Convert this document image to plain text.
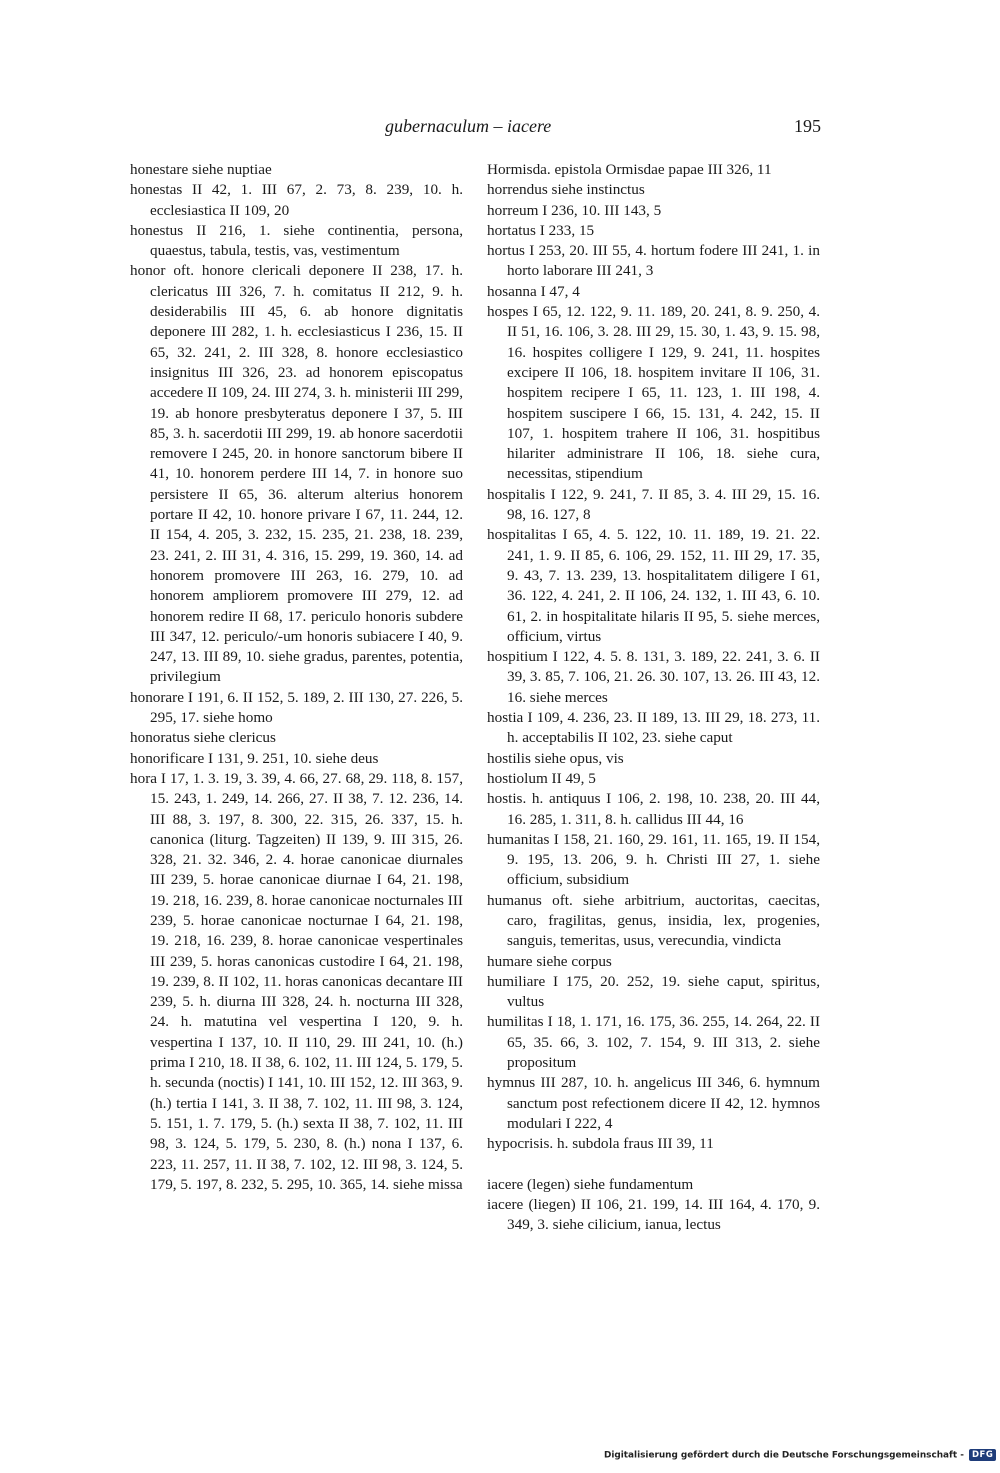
gubernaculum – iacere	195

honestare siehe nuptiae

honestas II 42, 1. III 67, 2. 73, 8. 239, 10. h. ecclesiastica II 109, 20

honestus II 216, 1. siehe continentia, persona, quaestus, tabula, testis, vas, vestimentum

honor oft. honore clericali deponere II 238, 17. h. clericatus III 326, 7. h. comitatus II 212, 9. h. desiderabilis III 45, 6. ab honore dignitatis deponere III 282, 1. h. ecclesiasticus I 236, 15. II 65, 32. 241, 2. III 328, 8. honore ecclesiastico insignitus III 326, 23. ad honorem episcopatus accedere II 109, 24. III 274, 3. h. ministerii III 299, 19. ab honore presbyteratus deponere I 37, 5. III 85, 3. h. sacerdotii III 299, 19. ab honore sacerdotii removere I 245, 20. in honore sanctorum bibere II 41, 10. honorem perdere III 14, 7. in honore suo persistere II 65, 36. alterum alterius honorem portare II 42, 10. honore privare I 67, 11. 244, 12. II 154, 4. 205, 3. 232, 15. 235, 21. 238, 18. 239, 23. 241, 2. III 31, 4. 316, 15. 299, 19. 360, 14. ad honorem promovere III 263, 16. 279, 10. ad honorem ampliorem promovere III 279, 12. ad honorem redire II 68, 17. periculo honoris subdere III 347, 12. periculo/-um honoris subiacere I 40, 9. 247, 13. III 89, 10. siehe gradus, parentes, potentia, privilegium

honorare I 191, 6. II 152, 5. 189, 2. III 130, 27. 226, 5. 295, 17. siehe homo

honoratus siehe clericus

honorificare I 131, 9. 251, 10. siehe deus

hora I 17, 1. 3. 19, 3. 39, 4. 66, 27. 68, 29. 118, 8. 157, 15. 243, 1. 249, 14. 266, 27. II 38, 7. 12. 236, 14. III 88, 3. 197, 8. 300, 22. 315, 26. 337, 15. h. canonica (liturg. Tagzeiten) II 139, 9. III 315, 26. 328, 21. 32. 346, 2. 4. horae canonicae diurnales III 239, 5. horae canonicae diurnae I 64, 21. 198, 19. 218, 16. 239, 8. horae canonicae nocturnales III 239, 5. horae canonicae nocturnae I 64, 21. 198, 19. 218, 16. 239, 8. horae canonicae vespertinales III 239, 5. horas canonicas custodire I 64, 21. 198, 19. 239, 8. II 102, 11. horas canonicas decantare III 239, 5. h. diurna III 328, 24. h. nocturna III 328, 24. h. matutina vel vespertina I 120, 9. h. vespertina I 137, 10. II 110, 29. III 241, 10. (h.) prima I 210, 18. II 38, 6. 102, 11. III 124, 5. 179, 5. h. secunda (noctis) I 141, 10. III 152, 12. III 363, 9. (h.) tertia I 141, 3. II 38, 7. 102, 11. III 98, 3. 124, 5. 151, 1. 7. 179, 5. (h.) sexta II 38, 7. 102, 11. III 98, 3. 124, 5. 179, 5. 230, 8. (h.) nona I 137, 6. 223, 11. 257, 11. II 38, 7. 102, 12. III 98, 3. 124, 5. 179, 5. 197, 8. 232, 5. 295, 10. 365, 14. siehe missa

Hormisda. epistola Ormisdae papae III 326, 11

horrendus siehe instinctus

horreum I 236, 10. III 143, 5

hortatus I 233, 15

hortus I 253, 20. III 55, 4. hortum fodere III 241, 1. in horto laborare III 241, 3

hosanna I 47, 4

hospes I 65, 12. 122, 9. 11. 189, 20. 241, 8. 9. 250, 4. II 51, 16. 106, 3. 28. III 29, 15. 30, 1. 43, 9. 15. 98, 16. hospites colligere I 129, 9. 241, 11. hospites excipere II 106, 18. hospitem invitare II 106, 31. hospitem recipere I 65, 11. 123, 1. III 198, 4. hospitem suscipere I 66, 15. 131, 4. 242, 15. II 107, 1. hospitem trahere II 106, 31. hospitibus hilariter administrare II 106, 18. siehe cura, necessitas, stipendium

hospitalis I 122, 9. 241, 7. II 85, 3. 4. III 29, 15. 16. 98, 16. 127, 8

hospitalitas I 65, 4. 5. 122, 10. 11. 189, 19. 21. 22. 241, 1. 9. II 85, 6. 106, 29. 152, 11. III 29, 17. 35, 9. 43, 7. 13. 239, 13. hospitalitatem diligere I 61, 36. 122, 4. 241, 2. II 106, 24. 132, 1. III 43, 6. 10. 61, 2. in hospitalitate hilaris II 95, 5. siehe merces, officium, virtus

hospitium I 122, 4. 5. 8. 131, 3. 189, 22. 241, 3. 6. II 39, 3. 85, 7. 106, 21. 26. 30. 107, 13. 26. III 43, 12. 16. siehe merces

hostia I 109, 4. 236, 23. II 189, 13. III 29, 18. 273, 11. h. acceptabilis II 102, 23. siehe caput

hostilis siehe opus, vis

hostiolum II 49, 5

hostis. h. antiquus I 106, 2. 198, 10. 238, 20. III 44, 16. 285, 1. 311, 8. h. callidus III 44, 16

humanitas I 158, 21. 160, 29. 161, 11. 165, 19. II 154, 9. 195, 13. 206, 9. h. Christi III 27, 1. siehe officium, subsidium

humanus oft. siehe arbitrium, auctoritas, caecitas, caro, fragilitas, genus, insidia, lex, progenies, sanguis, temeritas, usus, verecundia, vindicta

humare siehe corpus

humiliare I 175, 20. 252, 19. siehe caput, spiritus, vultus

humilitas I 18, 1. 171, 16. 175, 36. 255, 14. 264, 22. II 65, 35. 66, 3. 102, 7. 154, 9. III 313, 2. siehe propositum

hymnus III 287, 10. h. angelicus III 346, 6. hymnum sanctum post refectionem dicere II 42, 12. hymnos modulari I 222, 4

hypocrisis. h. subdola fraus III 39, 11

iacere (legen) siehe fundamentum

iacere (liegen) II 106, 21. 199, 14. III 164, 4. 170, 9. 349, 3. siehe cilicium, ianua, lectus

Digitalisierung gefördert durch die Deutsche Forschungsgemeinschaft - DFG
